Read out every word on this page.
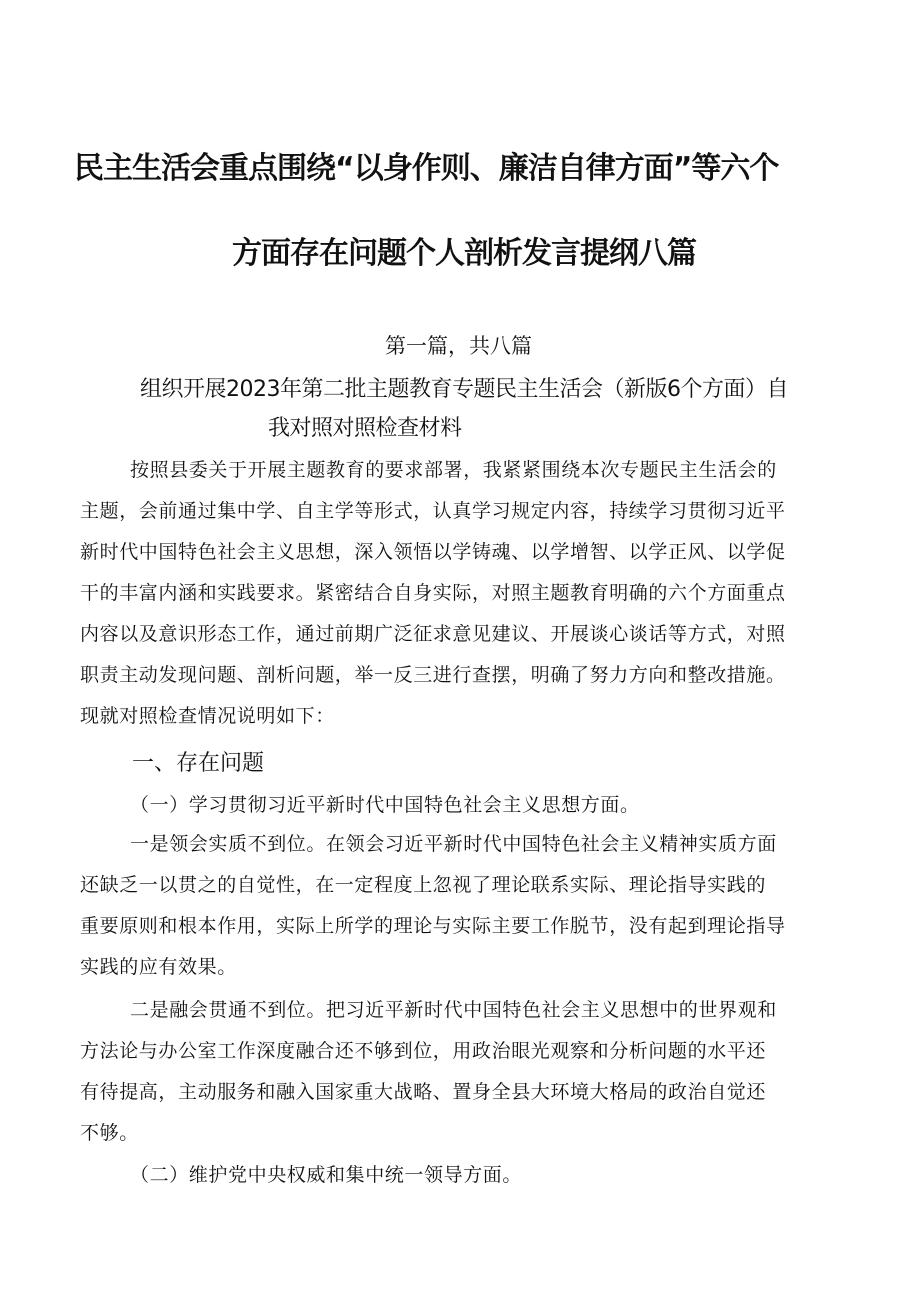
民主生活会重点围绕“以身作则、廉洁自律方面”等六个
方面存在问题个人剖析发言提纲八篇
第一篇，共八篇
组织开展2023年第二批主题教育专题民主生活会（新版6个方面）自
我对照对照检查材料
按照县委关于开展主题教育的要求部署，我紧紧围绕本次专题民主生活会的
主题，会前通过集中学、自主学等形式，认真学习规定内容，持续学习贯彻习近平
新时代中国特色社会主义思想，深入领悟以学铸魂、以学增智、以学正风、以学促
干的丰富内涵和实践要求。紧密结合自身实际，对照主题教育明确的六个方面重点
内容以及意识形态工作，通过前期广泛征求意见建议、开展谈心谈话等方式，对照
职责主动发现问题、剖析问题，举一反三进行查摆，明确了努力方向和整改措施。
现就对照检查情况说明如下：
一、存在问题
（一）学习贯彻习近平新时代中国特色社会主义思想方面。
一是领会实质不到位。在领会习近平新时代中国特色社会主义精神实质方面
还缺乏一以贯之的自觉性，在一定程度上忽视了理论联系实际、理论指导实践的
重要原则和根本作用，实际上所学的理论与实际主要工作脱节，没有起到理论指导
实践的应有效果。
二是融会贯通不到位。把习近平新时代中国特色社会主义思想中的世界观和
方法论与办公室工作深度融合还不够到位，用政治眼光观察和分析问题的水平还
有待提高，主动服务和融入国家重大战略、置身全县大环境大格局的政治自觉还
不够。
（二）维护党中央权威和集中统一领导方面。
